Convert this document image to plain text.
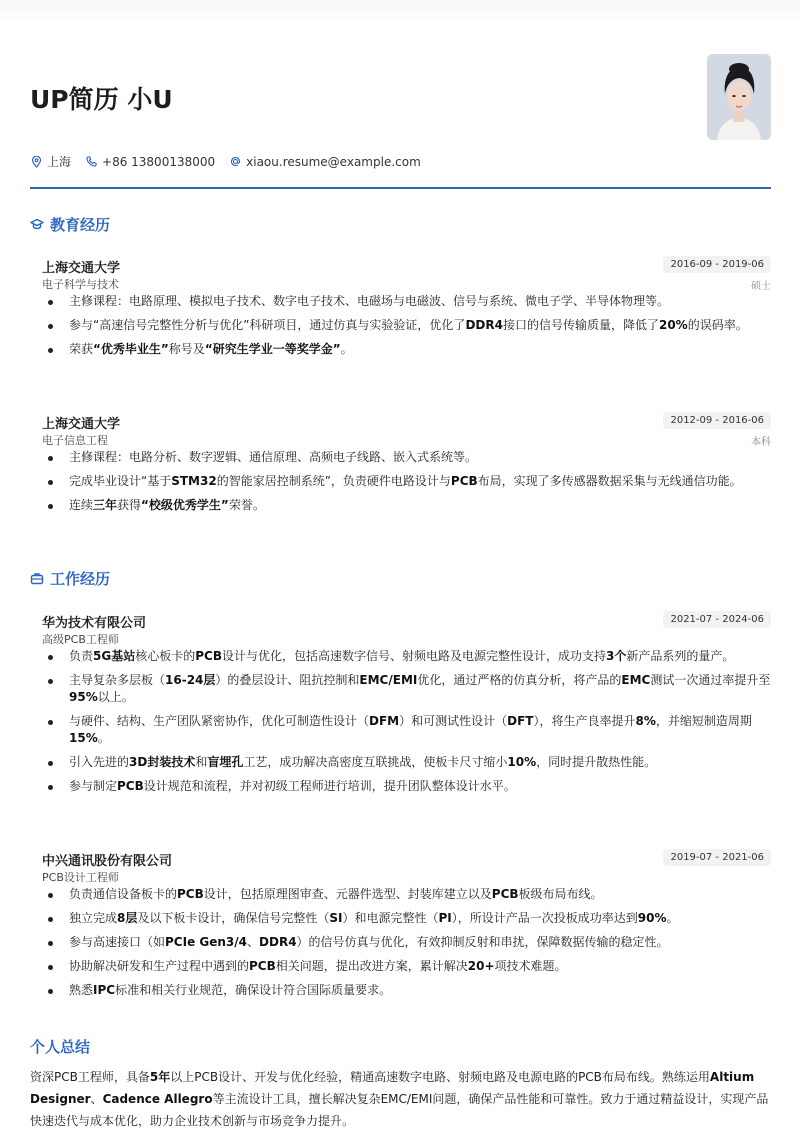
UP简历 小U
上海	+86 13800138000	xiaou.resume@example.com
教育经历
上海交通大学
电子科学与技术
2016-09 - 2019-06
硕士
主修课程：电路原理、模拟电子技术、数字电子技术、电磁场与电磁波、信号与系统、微电子学、半导体物理等。
参与“高速信号完整性分析与优化”科研项目，通过仿真与实验验证，优化了DDR4接口的信号传输质量，降低了20%的误码率。
荣获“优秀毕业生”称号及“研究生学业一等奖学金”。
上海交通大学
电子信息工程
2012-09 - 2016-06
本科
主修课程：电路分析、数字逻辑、通信原理、高频电子线路、嵌入式系统等。
完成毕业设计“基于STM32的智能家居控制系统”，负责硬件电路设计与PCB布局，实现了多传感器数据采集与无线通信功能。
连续三年获得“校级优秀学生”荣誉。
工作经历
华为技术有限公司
高级PCB工程师
2021-07 - 2024-06
负责5G基站核心板卡的PCB设计与优化，包括高速数字信号、射频电路及电源完整性设计，成功支持3个新产品系列的量产。
主导复杂多层板（16-24层）的叠层设计、阻抗控制和EMC/EMI优化，通过严格的仿真分析，将产品的EMC测试一次通过率提升至95%以上。
与硬件、结构、生产团队紧密协作，优化可制造性设计（DFM）和可测试性设计（DFT），将生产良率提升8%，并缩短制造周期15%。
引入先进的3D封装技术和盲埋孔工艺，成功解决高密度互联挑战，使板卡尺寸缩小10%，同时提升散热性能。
参与制定PCB设计规范和流程，并对初级工程师进行培训，提升团队整体设计水平。
中兴通讯股份有限公司
PCB设计工程师
2019-07 - 2021-06
负责通信设备板卡的PCB设计，包括原理图审查、元器件选型、封装库建立以及PCB板级布局布线。
独立完成8层及以下板卡设计，确保信号完整性（SI）和电源完整性（PI），所设计产品一次投板成功率达到90%。
参与高速接口（如PCIe Gen3/4、DDR4）的信号仿真与优化，有效抑制反射和串扰，保障数据传输的稳定性。
协助解决研发和生产过程中遇到的PCB相关问题，提出改进方案，累计解决20+项技术难题。
熟悉IPC标准和相关行业规范，确保设计符合国际质量要求。
个人总结
资深PCB工程师，具备5年以上PCB设计、开发与优化经验，精通高速数字电路、射频电路及电源电路的PCB布局布线。熟练运用Altium Designer、Cadence Allegro等主流设计工具，擅长解决复杂EMC/EMI问题，确保产品性能和可靠性。致力于通过精益设计，实现产品快速迭代与成本优化，助力企业技术创新与市场竞争力提升。
